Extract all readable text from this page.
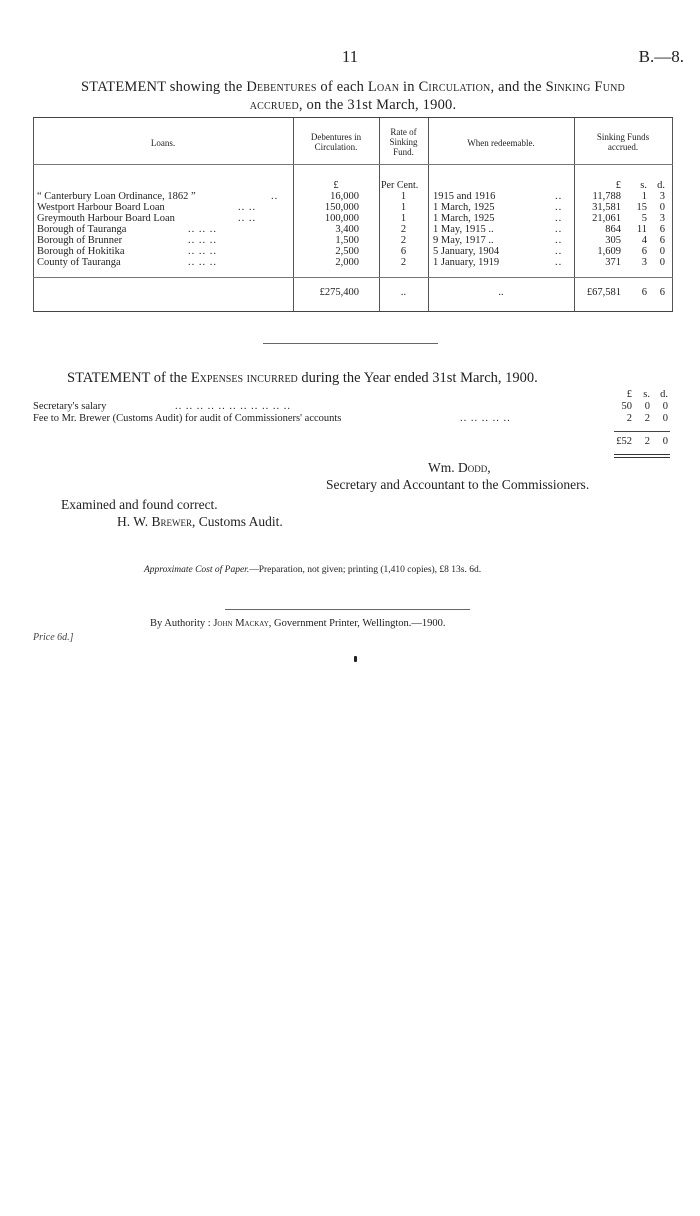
11	B.—8.
STATEMENT showing the Debentures of each Loan in Circulation, and the Sinking Fund
accrued, on the 31st March, 1900.
Loans.
Debentures in
Circulation.
Rate of
Sinking
Fund.
When redeemable.
Sinking Funds
accrued.
£	Per Cent.	£	s. d.
“ Canterbury Loan Ordinance, 1862 ”	..	16,000	1	1915 and 1916	..	11,788	1	3
Westport Harbour Board Loan	.. ..	150,000	1	1 March, 1925	..	31,581	15	0
Greymouth Harbour Board Loan	.. ..	100,000	1	1 March, 1925	..	21,061	5	3
Borough of Tauranga	.. .. ..	3,400	2	1 May, 1915 ..	..	864	11	6
Borough of Brunner	.. .. ..	1,500	2	9 May, 1917 ..	..	305	4	6
Borough of Hokitika	.. .. ..	2,500	6	5 January, 1904	..	1,609	6	0
County of Tauranga	.. .. ..	2,000	2	1 January, 1919	..	371	3	0
£275,400	..	..	£67,581	6	6
STATEMENT of the Expenses incurred during the Year ended 31st March, 1900.
£	s. d.
Secretary's salary	.. .. .. .. .. .. .. .. .. .. ..	50	0	0
Fee to Mr. Brewer (Customs Audit) for audit of Commissioners' accounts	.. .. .. .. ..	2	2	0
£52	2	0
Wm. Dodd,
Secretary and Accountant to the Commissioners.
Examined and found correct.
H. W. Brewer, Customs Audit.
Approximate Cost of Paper.—Preparation, not given; printing (1,410 copies), £8 13s. 6d.
By Authority : John Mackay, Government Printer, Wellington.—1900.
Price 6d.]
